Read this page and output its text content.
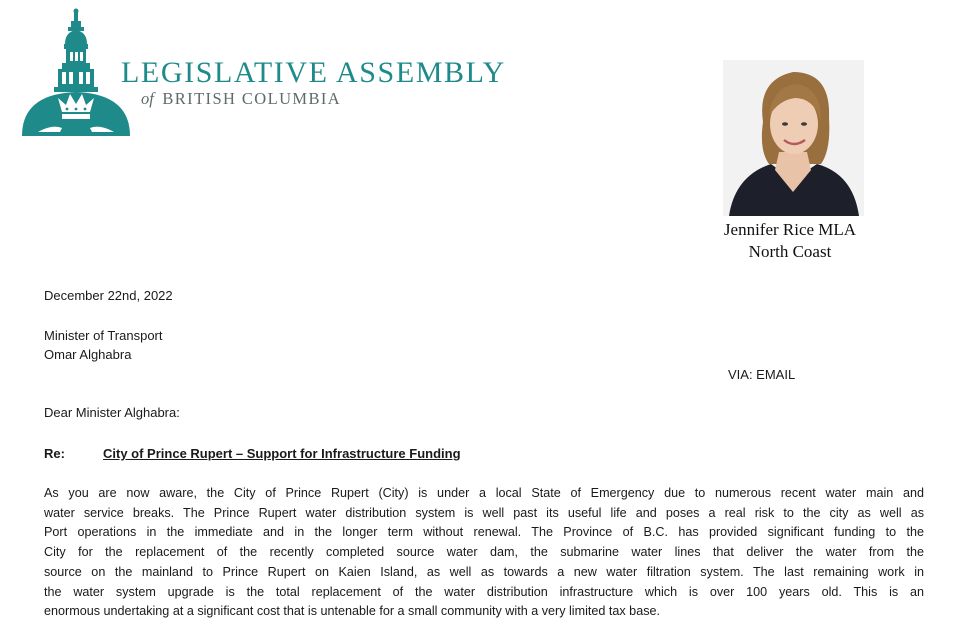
LEGISLATIVE ASSEMBLY
of BRITISH COLUMBIA
Jennifer Rice MLA
North Coast
December 22nd, 2022
Minister of Transport
Omar Alghabra
VIA: EMAIL
Dear Minister Alghabra:
Re:	City of Prince Rupert – Support for Infrastructure Funding
As you are now aware, the City of Prince Rupert (City) is under a local State of Emergency due to numerous recent water main and
water service breaks. The Prince Rupert water distribution system is well past its useful life and poses a real risk to the city as well as
Port operations in the immediate and in the longer term without renewal. The Province of B.C. has provided significant funding to the
City for the replacement of the recently completed source water dam, the submarine water lines that deliver the water from the
source on the mainland to Prince Rupert on Kaien Island, as well as towards a new water filtration system. The last remaining work in
the water system upgrade is the total replacement of the water distribution infrastructure which is over 100 years old. This is an
enormous undertaking at a significant cost that is untenable for a small community with a very limited tax base.
